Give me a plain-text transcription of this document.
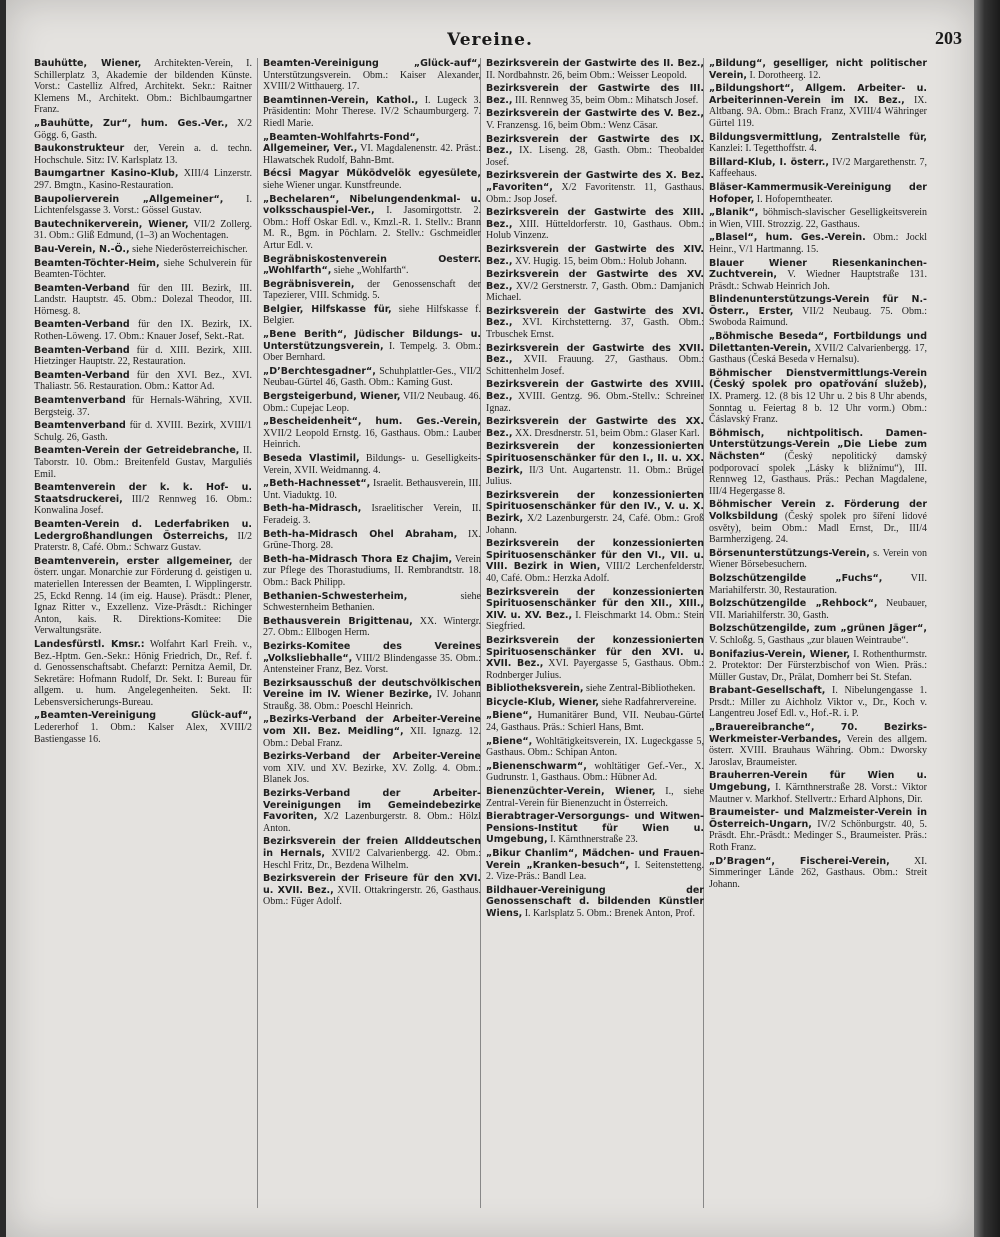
Vereine.	203
Bauhütte, Wiener, Architekten-Verein, I. Schillerplatz 3, Akademie der bildenden Künste. Vorst.: Castelliz Alfred, Architekt. Sekr.: Raitner Klemens M., Architekt. Obm.: Bichlbaumgartner Franz.
„Bauhütte, Zur“, hum. Ges.-Ver., X/2 Gögg. 6, Gasth.
Baukonstrukteur der, Verein a. d. techn. Hochschule. Sitz: IV. Karlsplatz 13.
Baumgartner Kasino-Klub, XIII/4 Linzerstr. 297. Bmgtn., Kasino-Restauration.
Baupolierverein „Allgemeiner“, I. Lichtenfelsgasse 3. Vorst.: Gössel Gustav.
Bautechnikerverein, Wiener, VII/2 Zollerg. 31. Obm.: Gliß Edmund, (1–3) an Wochentagen.
Bau-Verein, N.-Ö., siehe Niederösterreichischer.
Beamten-Töchter-Heim, siehe Schulverein für Beamten-Töchter.
Beamten-Verband für den III. Bezirk, III. Landstr. Hauptstr. 45. Obm.: Dolezal Theodor, III. Hörnesg. 8.
Beamten-Verband für den IX. Bezirk, IX. Rothen-Löweng. 17. Obm.: Knauer Josef, Sekt.-Rat.
Beamten-Verband für d. XIII. Bezirk, XIII. Hietzinger Hauptstr. 22, Restauration.
Beamten-Verband für den XVI. Bez., XVI. Thaliastr. 56. Restauration. Obm.: Kattor Ad.
Beamtenverband für Hernals-Währing, XVII. Bergsteig. 37.
Beamtenverband für d. XVIII. Bezirk, XVIII/1 Schulg. 26, Gasth.
Beamten-Verein der Getreidebranche, II. Taborstr. 10. Obm.: Breitenfeld Gustav, Marguliés Emil.
Beamtenverein der k. k. Hof- u. Staatsdruckerei, III/2 Rennweg 16. Obm.: Konwalina Josef.
Beamten-Verein d. Lederfabriken u. Ledergroßhandlungen Österreichs, II/2 Praterstr. 8, Café. Obm.: Schwarz Gustav.
Beamtenverein, erster allgemeiner, der österr. ungar. Monarchie zur Förderung d. geistigen u. materiellen Interessen der Beamten, I. Wipplingerstr. 25, Eckd Renng. 14 (im eig. Hause). Präsdt.: Plener, Ignaz Ritter v., Exzellenz. Vize-Präsdt.: Richinger Anton, kais. R. Direktions-Komitee: Die Verwaltungsräte.
Landesfürstl. Kmsr.: Wolfahrt Karl Freih. v., Bez.-Hptm. Gen.-Sekr.: Hönig Friedrich, Dr., Ref. f. d. Genossenschaftsabt. Chefarzt: Pernitza Aemil, Dr. Sekretäre: Hofmann Rudolf, Dr. Sekt. I: Bureau für allgem. u. hum. Angelegenheiten. Sekt. II: Lebensversicherungs-Bureau.
„Beamten-Vereinigung Glück-auf“, Ledererhof 1. Obm.: Kalser Alex, XVIII/2 Bastiengasse 16.
Beamten-Vereinigung „Glück-auf“, Unterstützungsverein. Obm.: Kaiser Alexander, XVIII/2 Witthauerg. 17.
Beamtinnen-Verein, Kathol., I. Lugeck 3. Präsidentin: Mohr Therese. IV/2 Schaumburgerg. 7. Riedl Marie.
„Beamten-Wohlfahrts-Fond“, Allgemeiner, Ver., VI. Magdalenenstr. 42. Präst.: Hlawatschek Rudolf, Bahn-Bmt.
Bécsi Magyar Müködvelök egyesülete, siehe Wiener ungar. Kunstfreunde.
„Bechelaren“, Nibelungendenkmal- u. volksschauspiel-Ver., I. Jasomirgottstr. 2. Obm.: Hoff Oskar Edl. v., Kmzl.-R. 1. Stellv.: Brann M. R., Bgm. in Pöchlarn. 2. Stellv.: Gschmeidler Artur Edl. v.
Begräbniskostenverein Oesterr. „Wohlfarth“, siehe „Wohlfarth“.
Begräbnisverein, der Genossenschaft der Tapezierer, VIII. Schmidg. 5.
Belgier, Hilfskasse für, siehe Hilfskasse f. Belgier.
„Bene Berith“, Jüdischer Bildungs- u. Unterstützungsverein, I. Tempelg. 3. Obm.: Ober Bernhard.
„D’Berchtesgadner“, Schuhplattler-Ges., VII/2 Neubau-Gürtel 46, Gasth. Obm.: Kaming Gust.
Bergsteigerbund, Wiener, VII/2 Neubaug. 46. Obm.: Cupejac Leop.
„Bescheidenheit“, hum. Ges.-Verein, XVII/2 Leopold Ernstg. 16, Gasthaus. Obm.: Lauber Heinrich.
Beseda Vlastimil, Bildungs- u. Geselligkeits-Verein, XVII. Weidmanng. 4.
„Beth-Hachnesset“, Israelit. Bethausverein, III. Unt. Viaduktg. 10.
Beth-ha-Midrasch, Israelitischer Verein, II. Feradeig. 3.
Beth-ha-Midrasch Ohel Abraham, IX. Grüne-Thorg. 28.
Beth-ha-Midrasch Thora Ez Chajim, Verein zur Pflege des Thorastudiums, II. Rembrandtstr. 18. Obm.: Back Philipp.
Bethanien-Schwesterheim,	siehe Schwesternheim Bethanien.
Bethausverein Brigittenau, XX. Wintergr. 27. Obm.: Ellbogen Herm.
Bezirks-Komitee des Vereines „Volksliebhalle“, VIII/2 Blindengasse 35. Obm.: Antensteiner Franz, Bez. Vorst.
Bezirksausschuß der deutschvölkischen Vereine im IV. Wiener Bezirke, IV. Johann Straußg. 38. Obm.: Poeschl Heinrich.
„Bezirks-Verband der Arbeiter-Vereine vom XII. Bez. Meidling“, XII. Ignazg. 12. Obm.: Debal Franz.
Bezirks-Verband der Arbeiter-Vereine vom XIV. und XV. Bezirke, XV. Zollg. 4. Obm.: Blanek Jos.
Bezirks-Verband der Arbeiter-Vereinigungen im Gemeindebezirke Favoriten, X/2 Lazenburgerstr. 8. Obm.: Hölzl Anton.
Bezirksverein der freien Allddeutschen in Hernals, XVII/2 Calvarienbergg. 42. Obm.: Heschl Fritz, Dr., Bezdena Wilhelm.
Bezirksverein der Friseure für den XVI. u. XVII. Bez., XVII. Ottakringerstr. 26, Gasthaus. Obm.: Füger Adolf.
Bezirksverein der Gastwirte des II. Bez., II. Nordbahnstr. 26, beim Obm.: Weisser Leopold.
Bezirksverein der Gastwirte des III. Bez., III. Rennweg 35, beim Obm.: Mihatsch Josef.
Bezirksverein der Gastwirte des V. Bez., V. Franzensg. 16, beim Obm.: Wenz Cäsar.
Bezirksverein der Gastwirte des IX. Bez., IX. Liseng. 28, Gasth. Obm.: Theobalder Josef.
Bezirksverein der Gastwirte des X. Bez. „Favoriten“, X/2 Favoritenstr. 11, Gasthaus. Obm.: Jsop Josef.
Bezirksverein der Gastwirte des XIII. Bez., XIII. Hütteldorferstr. 10, Gasthaus. Obm.: Holub Vinzenz.
Bezirksverein der Gastwirte des XIV. Bez., XV. Hugig. 15, beim Obm.: Holub Johann.
Bezirksverein der Gastwirte des XV. Bez., XV/2 Gerstnerstr. 7, Gasth. Obm.: Damjanich Michael.
Bezirksverein der Gastwirte des XVI. Bez., XVI. Kirchstetterng. 37, Gasth. Obm.: Trbuschek Ernst.
Bezirksverein der Gastwirte des XVII. Bez., XVII. Frauung. 27, Gasthaus. Obm.: Schittenhelm Josef.
Bezirksverein der Gastwirte des XVIII. Bez., XVIII. Gentzg. 96. Obm.-Stellv.: Schreiner Ignaz.
Bezirksverein der Gastwirte des XX. Bez., XX. Dresdnerstr. 51, beim Obm.: Glaser Karl.
Bezirksverein der konzessionierten Spirituosenschänker für den I., II. u. XX. Bezirk, II/3 Unt. Augartenstr. 11. Obm.: Brügel Julius.
Bezirksverein der konzessionierten Spirituosenschänker für den IV., V. u. X. Bezirk, X/2 Lazenburgerstr. 24, Café. Obm.: Groß Johann.
Bezirksverein der konzessionierten Spirituosenschänker für den VI., VII. u. VIII. Bezirk in Wien, VIII/2 Lerchenfelderstr. 40, Café. Obm.: Herzka Adolf.
Bezirksverein der konzessionierten Spirituosenschänker für den XII., XIII., XIV. u. XV. Bez., I. Fleischmarkt 14. Obm.: Stein Siegfried.
Bezirksverein der konzessionierten Spirituosenschänker für den XVI. u. XVII. Bez., XVI. Payergasse 5, Gasthaus. Obm.: Rodnberger Julius.
Bibliotheksverein, siehe Zentral-Bibliotheken.
Bicycle-Klub, Wiener, siehe Radfahrervereine.
„Biene“, Humanitärer Bund, VII. Neubau-Gürtel 24, Gasthaus. Präs.: Schierl Hans, Bmt.
„Biene“, Wohltätigkeitsverein, IX. Lugeckgasse 5, Gasthaus. Obm.: Schipan Anton.
„Bienenschwarm“, wohltätiger Gef.-Ver., X. Gudrunstr. 1, Gasthaus. Obm.: Hübner Ad.
Bienenzüchter-Verein, Wiener, I., siehe Zentral-Verein für Bienenzucht in Österreich.
Bierabtrager-Versorgungs- und Witwen-Pensions-Institut für Wien u. Umgebung, I. Kärnthnerstraße 23.
„Bikur Chanlim“, Mädchen- und Frauen-Verein „Kranken-besuch“, I. Seitenstetteng. 2. Vize-Präs.: Bandl Lea.
Bildhauer-Vereinigung der Genossenschaft d. bildenden Künstler Wiens, I. Karlsplatz 5. Obm.: Brenek Anton, Prof.
„Bildung“, geselliger, nicht politischer Verein, I. Dorotheerg. 12.
„Bildungshort“, Allgem. Arbeiter- u. Arbeiterinnen-Verein im IX. Bez., IX. Altbang. 9A. Obm.: Brach Franz, XVIII/4 Währinger Gürtel 119.
Bildungsvermittlung, Zentralstelle für, Kanzlei: I. Tegetthoffstr. 4.
Billard-Klub, I. österr., IV/2 Margarethenstr. 7, Kaffeehaus.
Bläser-Kammermusik-Vereinigung der Hofoper, I. Hofoperntheater.
„Blanik“, böhmisch-slavischer Geselligkeitsverein in Wien, VIII. Strozzig. 22, Gasthaus.
„Blasel“, hum. Ges.-Verein. Obm.: Jockl Heinr., V/1 Hartmanng. 15.
Blauer Wiener Riesenkaninchen-Zuchtverein, V. Wiedner Hauptstraße 131. Präsdt.: Schwab Heinrich Joh.
Blindenunterstützungs-Verein für N.-Österr., Erster, VII/2 Neubaug. 75. Obm.: Swoboda Raimund.
„Böhmische Beseda“, Fortbildungs und Dilettanten-Verein, XVII/2 Calvarienbergg. 17, Gasthaus (Česká Beseda v Hernalsu).
Böhmischer Dienstvermittlungs-Verein (Český spolek pro opatřování služeb), IX. Pramerg. 12. (8 bis 12 Uhr u. 2 bis 8 Uhr abends, Sonntag u. Feiertag 8 b. 12 Uhr vorm.) Obm.: Čáslavský Franz.
Böhmisch, nichtpolitisch. Damen-Unterstützungs-Verein „Die Liebe zum Nächsten“ (Český nepolitický damský podporovací spolek „Lásky k bližnímu“), III. Rennweg 12, Gasthaus. Präs.: Pechan Magdalene, III/4 Hegergasse 8.
Böhmischer Verein z. Förderung der Volksbildung (Český spolek pro šíření lidové osvěty), beim Obm.: Madl Ernst, Dr., III/4 Barmherzigeng. 24.
Börsenunterstützungs-Verein, s. Verein von Wiener Börsebesuchern.
Bolzschützengilde „Fuchs“,	VII. Mariahilferstr. 30, Restauration.
Bolzschützengilde „Rehbock“, Neubauer, VII. Mariahilferstr. 30, Gasth.
Bolzschützengilde, zum „grünen Jäger“, V. Schloßg. 5, Gasthaus „zur blauen Weintraube“.
Bonifazius-Verein, Wiener, I. Rothenthurmstr. 2. Protektor: Der Fürsterzbischof von Wien. Präs.: Müller Gustav, Dr., Prälat, Domherr bei St. Stefan.
Brabant-Gesellschaft, I. Nibelungengasse 1. Prsdt.: Miller zu Aichholz Viktor v., Dr., Koch v. Langentreu Josef Edl. v., Hof.-R. i. P.
„Brauereibranche“, 70. Bezirks-Werkmeister-Verbandes, Verein des allgem. österr. XVIII. Brauhaus Währing. Obm.: Dworsky Jaroslav, Braumeister.
Brauherren-Verein für Wien u. Umgebung, I. Kärnthnerstraße 28. Vorst.: Viktor Mautner v. Markhof. Stellvertr.: Erhard Alphons, Dir.
Braumeister- und Malzmeister-Verein in Österreich-Ungarn, IV/2 Schönburgstr. 40, 5. Präsdt. Ehr.-Präsdt.: Medinger S., Braumeister. Präs.: Roth Franz.
„D’Bragen“, Fischerei-Verein, XI. Simmeringer Lände 262, Gasthaus. Obm.: Streit Johann.
